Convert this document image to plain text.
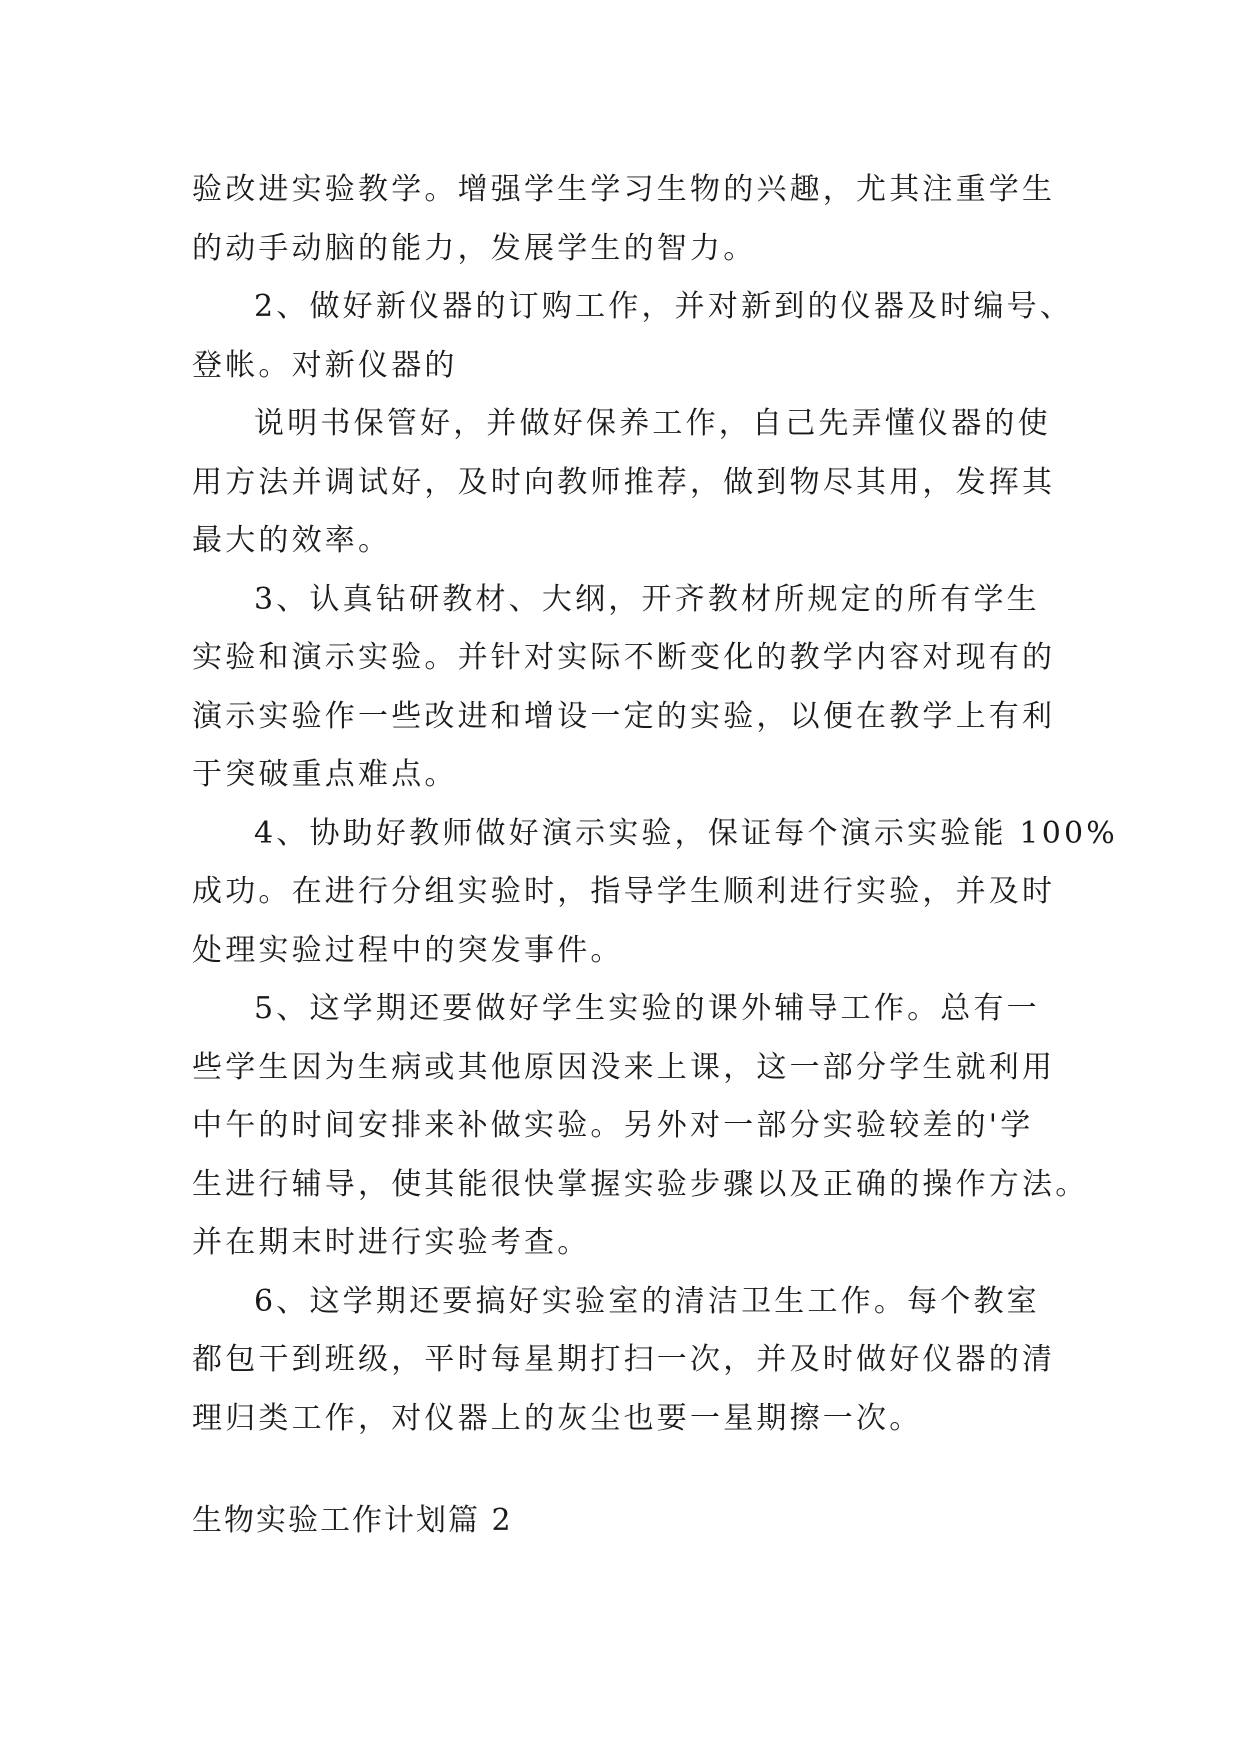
验改进实验教学。增强学生学习生物的兴趣，尤其注重学生
的动手动脑的能力，发展学生的智力。
2、做好新仪器的订购工作，并对新到的仪器及时编号、
登帐。对新仪器的
说明书保管好，并做好保养工作，自己先弄懂仪器的使
用方法并调试好，及时向教师推荐，做到物尽其用，发挥其
最大的效率。
3、认真钻研教材、大纲，开齐教材所规定的所有学生
实验和演示实验。并针对实际不断变化的教学内容对现有的
演示实验作一些改进和增设一定的实验，以便在教学上有利
于突破重点难点。
4、协助好教师做好演示实验，保证每个演示实验能 100%
成功。在进行分组实验时，指导学生顺利进行实验，并及时
处理实验过程中的突发事件。
5、这学期还要做好学生实验的课外辅导工作。总有一
些学生因为生病或其他原因没来上课，这一部分学生就利用
中午的时间安排来补做实验。另外对一部分实验较差的'学
生进行辅导，使其能很快掌握实验步骤以及正确的操作方法。
并在期末时进行实验考查。
6、这学期还要搞好实验室的清洁卫生工作。每个教室
都包干到班级，平时每星期打扫一次，并及时做好仪器的清
理归类工作，对仪器上的灰尘也要一星期擦一次。
生物实验工作计划篇 2
